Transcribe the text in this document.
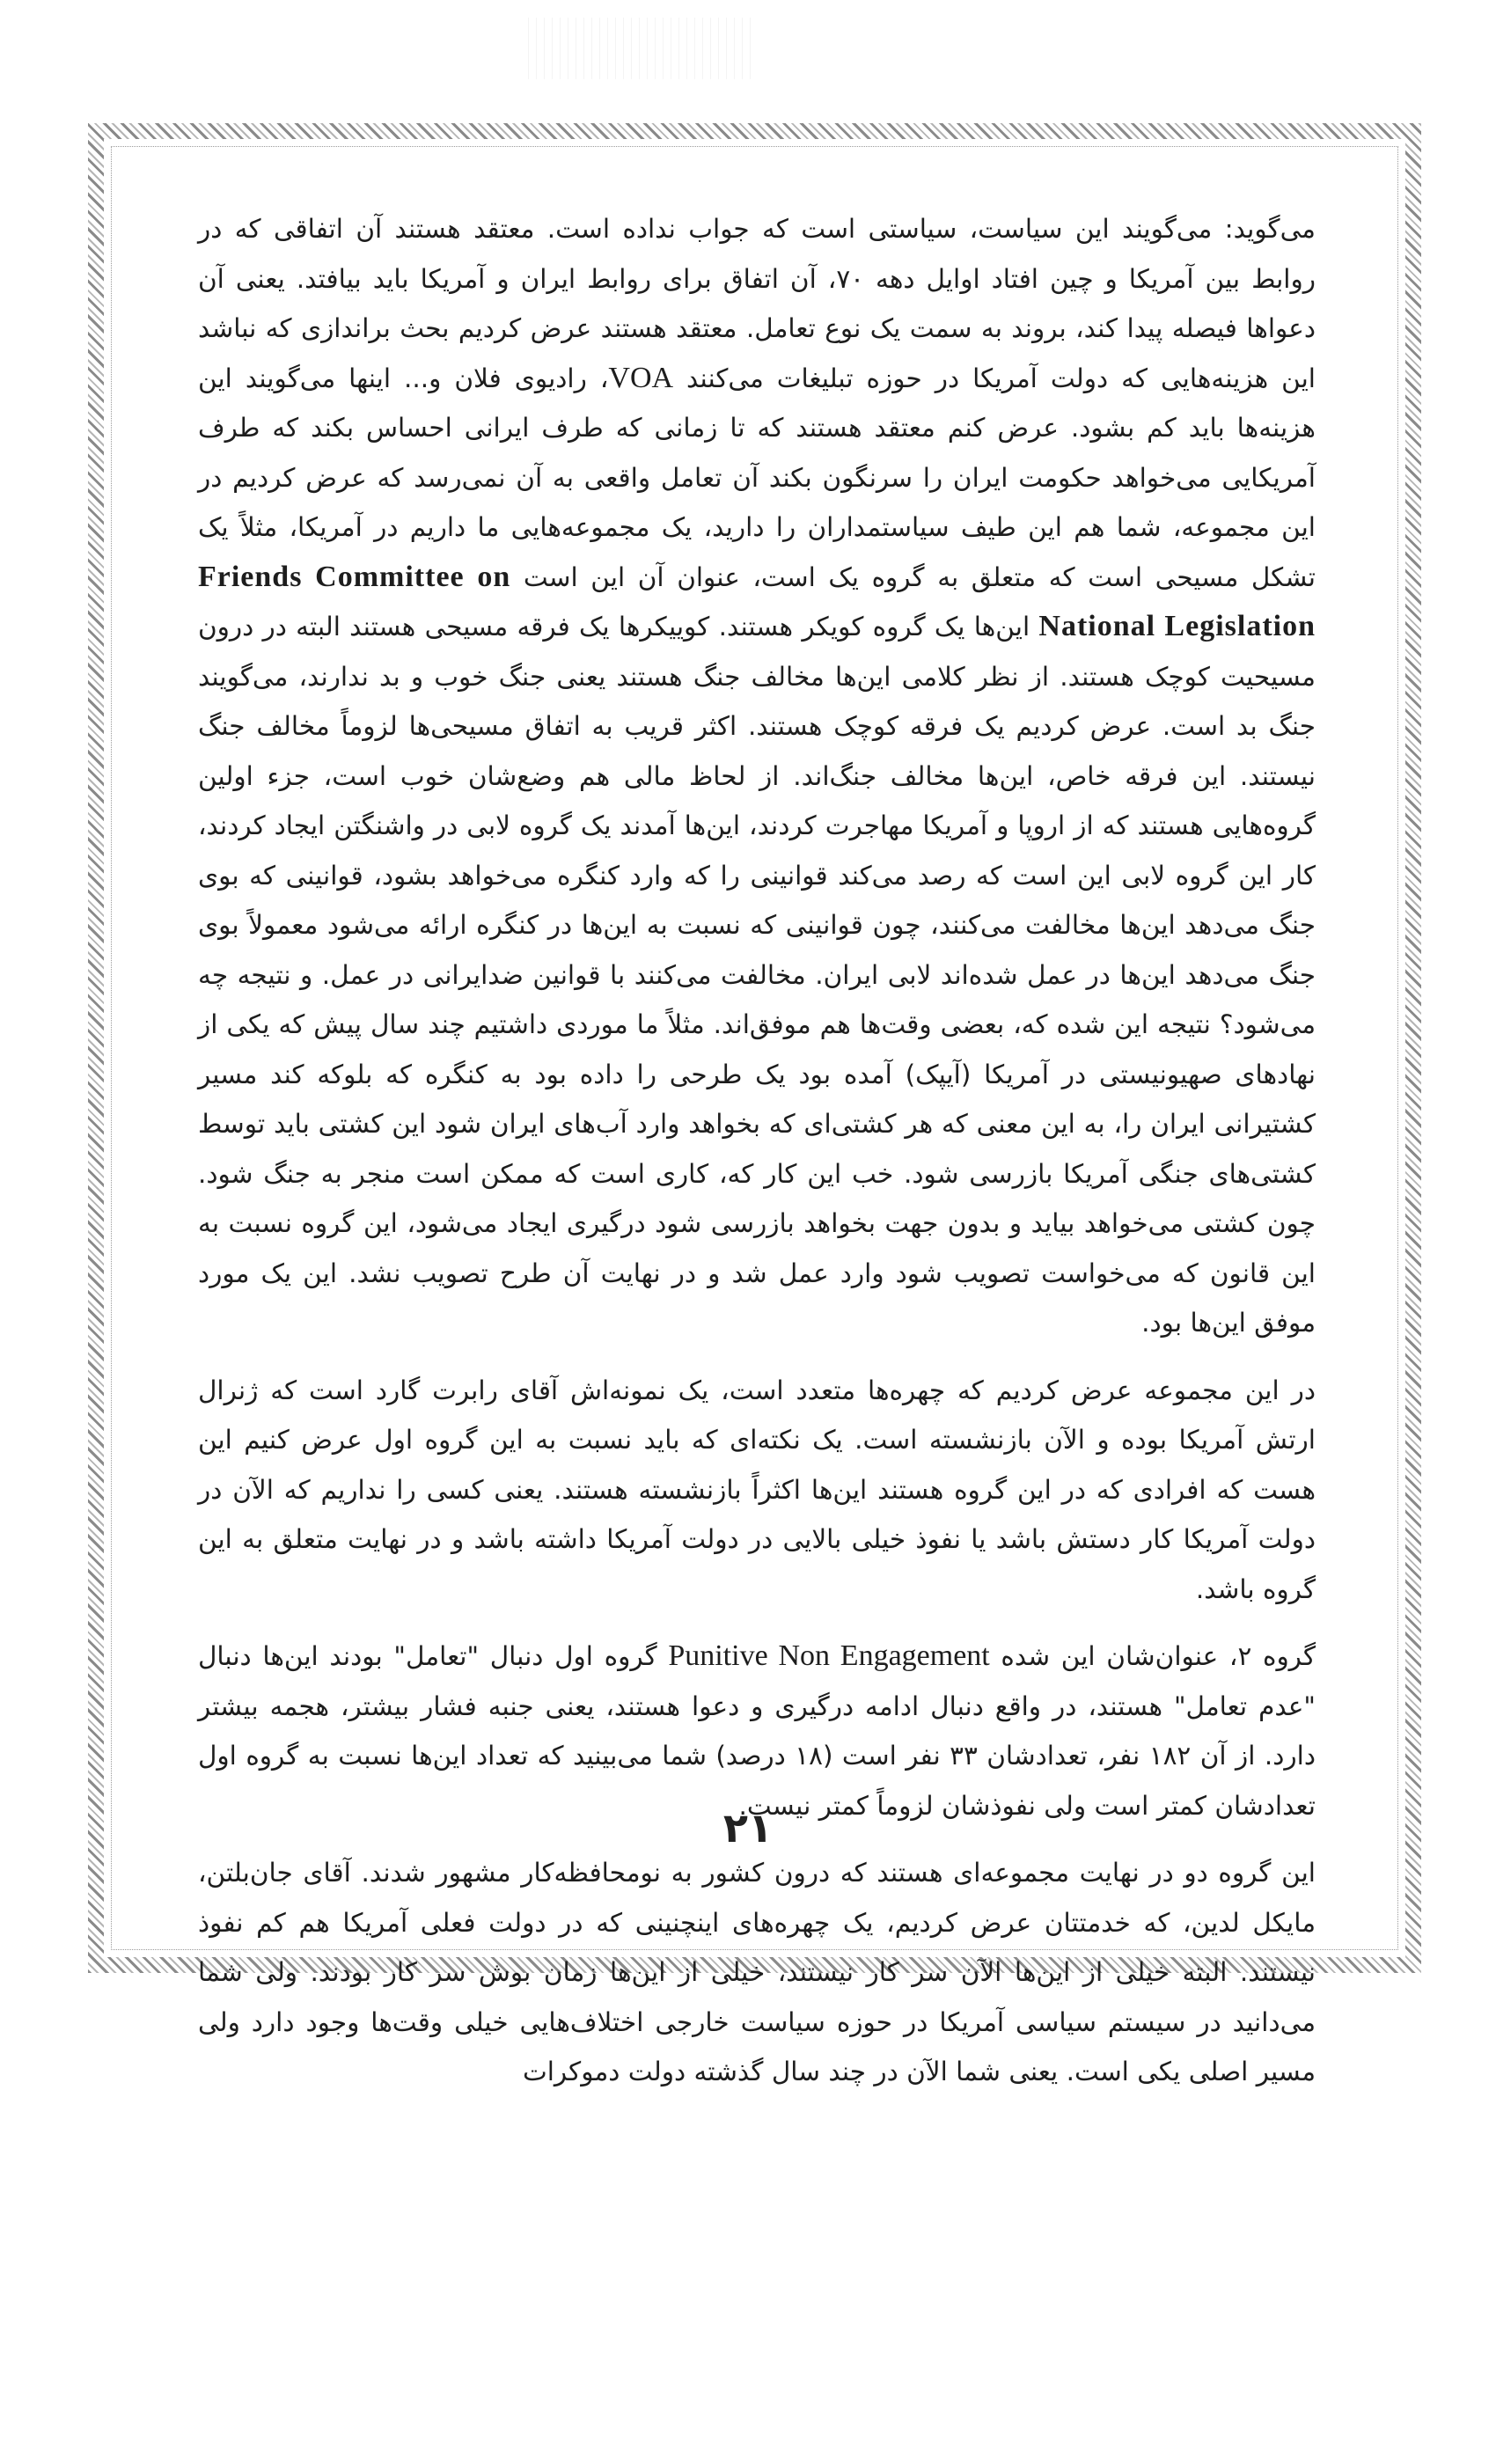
می‌گوید: می‌گویند این سیاست، سیاستی است که جواب نداده است. معتقد هستند آن اتفاقی که در روابط بین آمریکا و چین افتاد اوایل دهه ۷۰، آن اتفاق برای روابط ایران و آمریکا باید بیافتد. یعنی آن دعواها فیصله پیدا کند، بروند به سمت یک نوع تعامل. معتقد هستند عرض کردیم بحث براندازی که نباشد این هزینه‌هایی که دولت آمریکا در حوزه تبلیغات می‌کنند VOA، رادیوی فلان و... اینها می‌گویند این هزینه‌ها باید کم بشود. عرض کنم معتقد هستند که تا زمانی که طرف ایرانی احساس بکند که طرف آمریکایی می‌خواهد حکومت ایران را سرنگون بکند آن تعامل واقعی به آن نمی‌رسد که عرض کردیم در این مجموعه، شما هم این طیف سیاستمداران را دارید، یک مجموعه‌هایی ما داریم در آمریکا، مثلاً یک تشکل مسیحی است که متعلق به گروه یک است، عنوان آن این است Friends Committee on National Legislation این‌ها یک گروه کویکر هستند. کوییکرها یک فرقه مسیحی هستند البته در درون مسیحیت کوچک هستند. از نظر کلامی این‌ها مخالف جنگ هستند یعنی جنگ خوب و بد ندارند، می‌گویند جنگ بد است. عرض کردیم یک فرقه کوچک هستند. اکثر قریب به اتفاق مسیحی‌ها لزوماً مخالف جنگ نیستند. این فرقه خاص، این‌ها مخالف جنگ‌اند. از لحاظ مالی هم وضع‌شان خوب است، جزء اولین گروه‌هایی هستند که از اروپا و آمریکا مهاجرت کردند، این‌ها آمدند یک گروه لابی در واشنگتن ایجاد کردند، کار این گروه لابی این است که رصد می‌کند قوانینی را که وارد کنگره می‌خواهد بشود، قوانینی که بوی جنگ می‌دهد این‌ها مخالفت می‌کنند، چون قوانینی که نسبت به این‌ها در کنگره ارائه می‌شود معمولاً بوی جنگ می‌دهد این‌ها در عمل شده‌اند لابی ایران. مخالفت می‌کنند با قوانین ضدایرانی در عمل. و نتیجه چه می‌شود؟ نتیجه این شده که، بعضی وقت‌ها هم موفق‌اند. مثلاً ما موردی داشتیم چند سال پیش که یکی از نهادهای صهیونیستی در آمریکا (آیپک) آمده بود یک طرحی را داده بود به کنگره که بلوکه کند مسیر کشتیرانی ایران را، به این معنی که هر کشتی‌ای که بخواهد وارد آب‌های ایران شود این کشتی باید توسط کشتی‌های جنگی آمریکا بازرسی شود. خب این کار که، کاری است که ممکن است منجر به جنگ شود. چون کشتی می‌خواهد بیاید و بدون جهت بخواهد بازرسی شود درگیری ایجاد می‌شود، این گروه نسبت به این قانون که می‌خواست تصویب شود وارد عمل شد و در نهایت آن طرح تصویب نشد. این یک مورد موفق این‌ها بود.

در این مجموعه عرض کردیم که چهره‌ها متعدد است، یک نمونه‌اش آقای رابرت گارد است که ژنرال ارتش آمریکا بوده و الآن بازنشسته است. یک نکته‌ای که باید نسبت به این گروه اول عرض کنیم این هست که افرادی که در این گروه هستند این‌ها اکثراً بازنشسته هستند. یعنی کسی را نداریم که الآن در دولت آمریکا کار دستش باشد یا نفوذ خیلی بالایی در دولت آمریکا داشته باشد و در نهایت متعلق به این گروه باشد.

گروه ۲، عنوان‌شان این شده Punitive Non Engagement گروه اول دنبال "تعامل" بودند این‌ها دنبال "عدم تعامل" هستند، در واقع دنبال ادامه درگیری و دعوا هستند، یعنی جنبه فشار بیشتر، هجمه بیشتر دارد. از آن ۱۸۲ نفر، تعدادشان ۳۳ نفر است (۱۸ درصد) شما می‌بینید که تعداد این‌ها نسبت به گروه اول تعدادشان کمتر است ولی نفوذشان لزوماً کمتر نیست.

این گروه دو در نهایت مجموعه‌ای هستند که درون کشور به نومحافظه‌کار مشهور شدند. آقای جان‌بلتن، مایکل لدین، که خدمتتان عرض کردیم، یک چهره‌های اینچنینی که در دولت فعلی آمریکا هم کم نفوذ نیستند. البته خیلی از این‌ها الآن سر کار نیستند، خیلی از این‌ها زمان بوش سر کار بودند. ولی شما می‌دانید در سیستم سیاسی آمریکا در حوزه سیاست خارجی اختلاف‌هایی خیلی وقت‌ها وجود دارد ولی مسیر اصلی یکی است. یعنی شما الآن در چند سال گذشته دولت دموکرات

۲۱
